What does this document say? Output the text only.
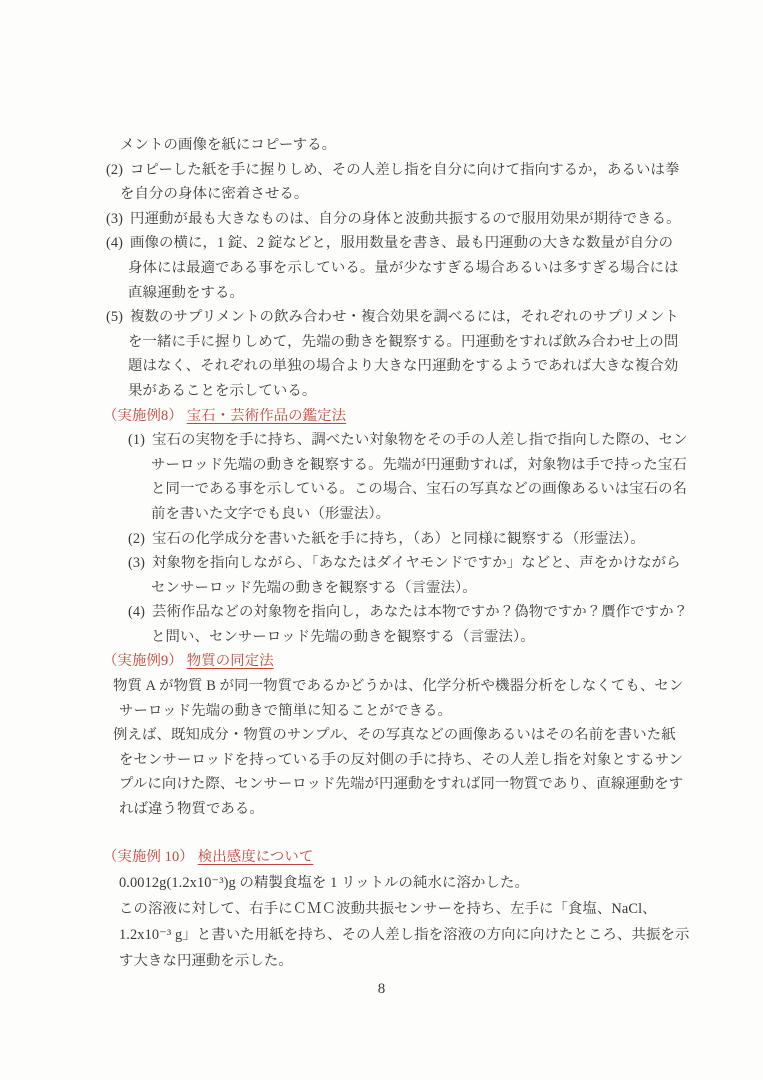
メントの画像を紙にコピーする。
(2) コピーした紙を手に握りしめ、その人差し指を自分に向けて指向するか，あるいは拳
を自分の身体に密着させる。
(3) 円運動が最も大きなものは、自分の身体と波動共振するので服用効果が期待できる。
(4) 画像の横に，1 錠、2 錠などと，服用数量を書き、最も円運動の大きな数量が自分の
身体には最適である事を示している。量が少なすぎる場合あるいは多すぎる場合には
直線運動をする。
(5) 複数のサプリメントの飲み合わせ・複合効果を調べるには，それぞれのサプリメント
を一緒に手に握りしめて，先端の動きを観察する。円運動をすれば飲み合わせ上の問
題はなく、それぞれの単独の場合より大きな円運動をするようであれば大きな複合効
果があることを示している。
（実施例8） 宝石・芸術作品の鑑定法
(1) 宝石の実物を手に持ち、調べたい対象物をその手の人差し指で指向した際の、セン
サーロッド先端の動きを観察する。先端が円運動すれば，対象物は手で持った宝石
と同一である事を示している。この場合、宝石の写真などの画像あるいは宝石の名
前を書いた文字でも良い（形霊法）。
(2) 宝石の化学成分を書いた紙を手に持ち，（あ）と同様に観察する（形霊法）。
(3) 対象物を指向しながら、「あなたはダイヤモンドですか」などと、声をかけながら
センサーロッド先端の動きを観察する（言霊法）。
(4) 芸術作品などの対象物を指向し，あなたは本物ですか？偽物ですか？贋作ですか？
と問い、センサーロッド先端の動きを観察する（言霊法）。
（実施例9） 物質の同定法
物質 A が物質 B が同一物質であるかどうかは、化学分析や機器分析をしなくても、セン
サーロッド先端の動きで簡単に知ることができる。
例えば、既知成分・物質のサンプル、その写真などの画像あるいはその名前を書いた紙
をセンサーロッドを持っている手の反対側の手に持ち、その人差し指を対象とするサン
プルに向けた際、センサーロッド先端が円運動をすれば同一物質であり、直線運動をす
れば違う物質である。
（実施例 10） 検出感度について
0.0012g(1.2x10⁻³)g の精製食塩を 1 リットルの純水に溶かした。
この溶液に対して、右手にＣＭＣ波動共振センサーを持ち、左手に「食塩、NaCl、
1.2x10⁻³ g」と書いた用紙を持ち、その人差し指を溶液の方向に向けたところ、共振を示
す大きな円運動を示した。
8
